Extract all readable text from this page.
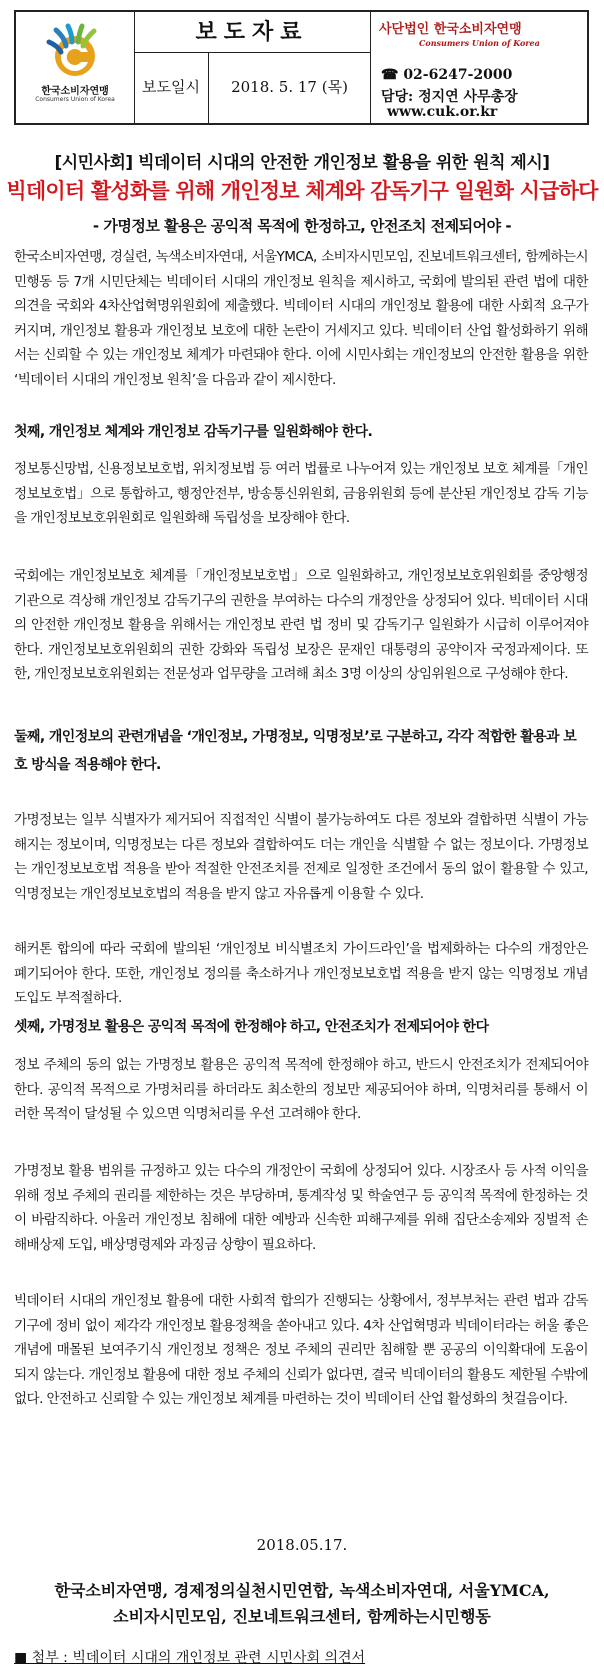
한국소비자연맹
Consumers Union of Korea
보도자료
보도일시	2018. 5. 17 (목)
사단법인 한국소비자연맹
Consumers Union of Korea
☎ 02-6247-2000
담당: 정지연 사무총장
www.cuk.or.kr
[시민사회] 빅데이터 시대의 안전한 개인정보 활용을 위한 원칙 제시]
빅데이터 활성화를 위해 개인정보 체계와 감독기구 일원화 시급하다
- 가명정보 활용은 공익적 목적에 한정하고, 안전조치 전제되어야 -
한국소비자연맹, 경실련, 녹색소비자연대, 서울YMCA, 소비자시민모임, 진보네트워크센터, 함께하는시민행동 등 7개 시민단체는 빅데이터 시대의 개인정보 원칙을 제시하고, 국회에 발의된 관련 법에 대한 의견을 국회와 4차산업혁명위원회에 제출했다. 빅데이터 시대의 개인정보 활용에 대한 사회적 요구가 커지며, 개인정보 활용과 개인정보 보호에 대한 논란이 거세지고 있다. 빅데이터 산업 활성화하기 위해서는 신뢰할 수 있는 개인정보 체계가 마련돼야 한다. 이에 시민사회는 개인정보의 안전한 활용을 위한 ‘빅데이터 시대의 개인정보 원칙’을 다음과 같이 제시한다.
첫째, 개인정보 체계와 개인정보 감독기구를 일원화해야 한다.
정보통신망법, 신용정보보호법, 위치정보법 등 여러 법률로 나누어져 있는 개인정보 보호 체계를「개인정보보호법」으로 통합하고, 행정안전부, 방송통신위원회, 금융위원회 등에 분산된 개인정보 감독 기능을 개인정보보호위원회로 일원화해 독립성을 보장해야 한다.
국회에는 개인정보보호 체계를「개인정보보호법」으로 일원화하고, 개인정보보호위원회를 중앙행정기관으로 격상해 개인정보 감독기구의 권한을 부여하는 다수의 개정안을 상정되어 있다. 빅데이터 시대의 안전한 개인정보 활용을 위해서는 개인정보 관련 법 정비 및 감독기구 일원화가 시급히 이루어져야 한다. 개인정보보호위원회의 권한 강화와 독립성 보장은 문재인 대통령의 공약이자 국정과제이다. 또한, 개인정보보호위원회는 전문성과 업무량을 고려해 최소 3명 이상의 상임위원으로 구성해야 한다.
둘째, 개인정보의 관련개념을 ‘개인정보, 가명정보, 익명정보’로 구분하고, 각각 적합한 활용과 보호 방식을 적용해야 한다.
가명정보는 일부 식별자가 제거되어 직접적인 식별이 불가능하여도 다른 정보와 결합하면 식별이 가능해지는 정보이며, 익명정보는 다른 정보와 결합하여도 더는 개인을 식별할 수 없는 정보이다. 가명정보는 개인정보보호법 적용을 받아 적절한 안전조치를 전제로 일정한 조건에서 동의 없이 활용할 수 있고, 익명정보는 개인정보보호법의 적용을 받지 않고 자유롭게 이용할 수 있다.
해커톤 합의에 따라 국회에 발의된 ‘개인정보 비식별조치 가이드라인’을 법제화하는 다수의 개정안은 폐기되어야 한다. 또한, 개인정보 정의를 축소하거나 개인정보보호법 적용을 받지 않는 익명정보 개념 도입도 부적절하다.
셋째, 가명정보 활용은 공익적 목적에 한정해야 하고, 안전조치가 전제되어야 한다
정보 주체의 동의 없는 가명정보 활용은 공익적 목적에 한정해야 하고, 반드시 안전조치가 전제되어야 한다. 공익적 목적으로 가명처리를 하더라도 최소한의 정보만 제공되어야 하며, 익명처리를 통해서 이러한 목적이 달성될 수 있으면 익명처리를 우선 고려해야 한다.
가명정보 활용 범위를 규정하고 있는 다수의 개정안이 국회에 상정되어 있다. 시장조사 등 사적 이익을 위해 정보 주체의 권리를 제한하는 것은 부당하며, 통계작성 및 학술연구 등 공익적 목적에 한정하는 것이 바람직하다. 아울러 개인정보 침해에 대한 예방과 신속한 피해구제를 위해 집단소송제와 징벌적 손해배상제 도입, 배상명령제와 과징금 상향이 필요하다.
빅데이터 시대의 개인정보 활용에 대한 사회적 합의가 진행되는 상황에서, 정부부처는 관련 법과 감독기구에 정비 없이 제각각 개인정보 활용정책을 쏟아내고 있다. 4차 산업혁명과 빅데이터라는 허울 좋은 개념에 매몰된 보여주기식 개인정보 정책은 정보 주체의 권리만 침해할 뿐 공공의 이익확대에 도움이 되지 않는다. 개인정보 활용에 대한 정보 주체의 신뢰가 없다면, 결국 빅데이터의 활용도 제한될 수밖에 없다. 안전하고 신뢰할 수 있는 개인정보 체계를 마련하는 것이 빅데이터 산업 활성화의 첫걸음이다.
2018.05.17.
한국소비자연맹, 경제정의실천시민연합, 녹색소비자연대, 서울YMCA,
소비자시민모임, 진보네트워크센터, 함께하는시민행동
■ 첨부 : 빅데이터 시대의 개인정보 관련 시민사회 의견서
